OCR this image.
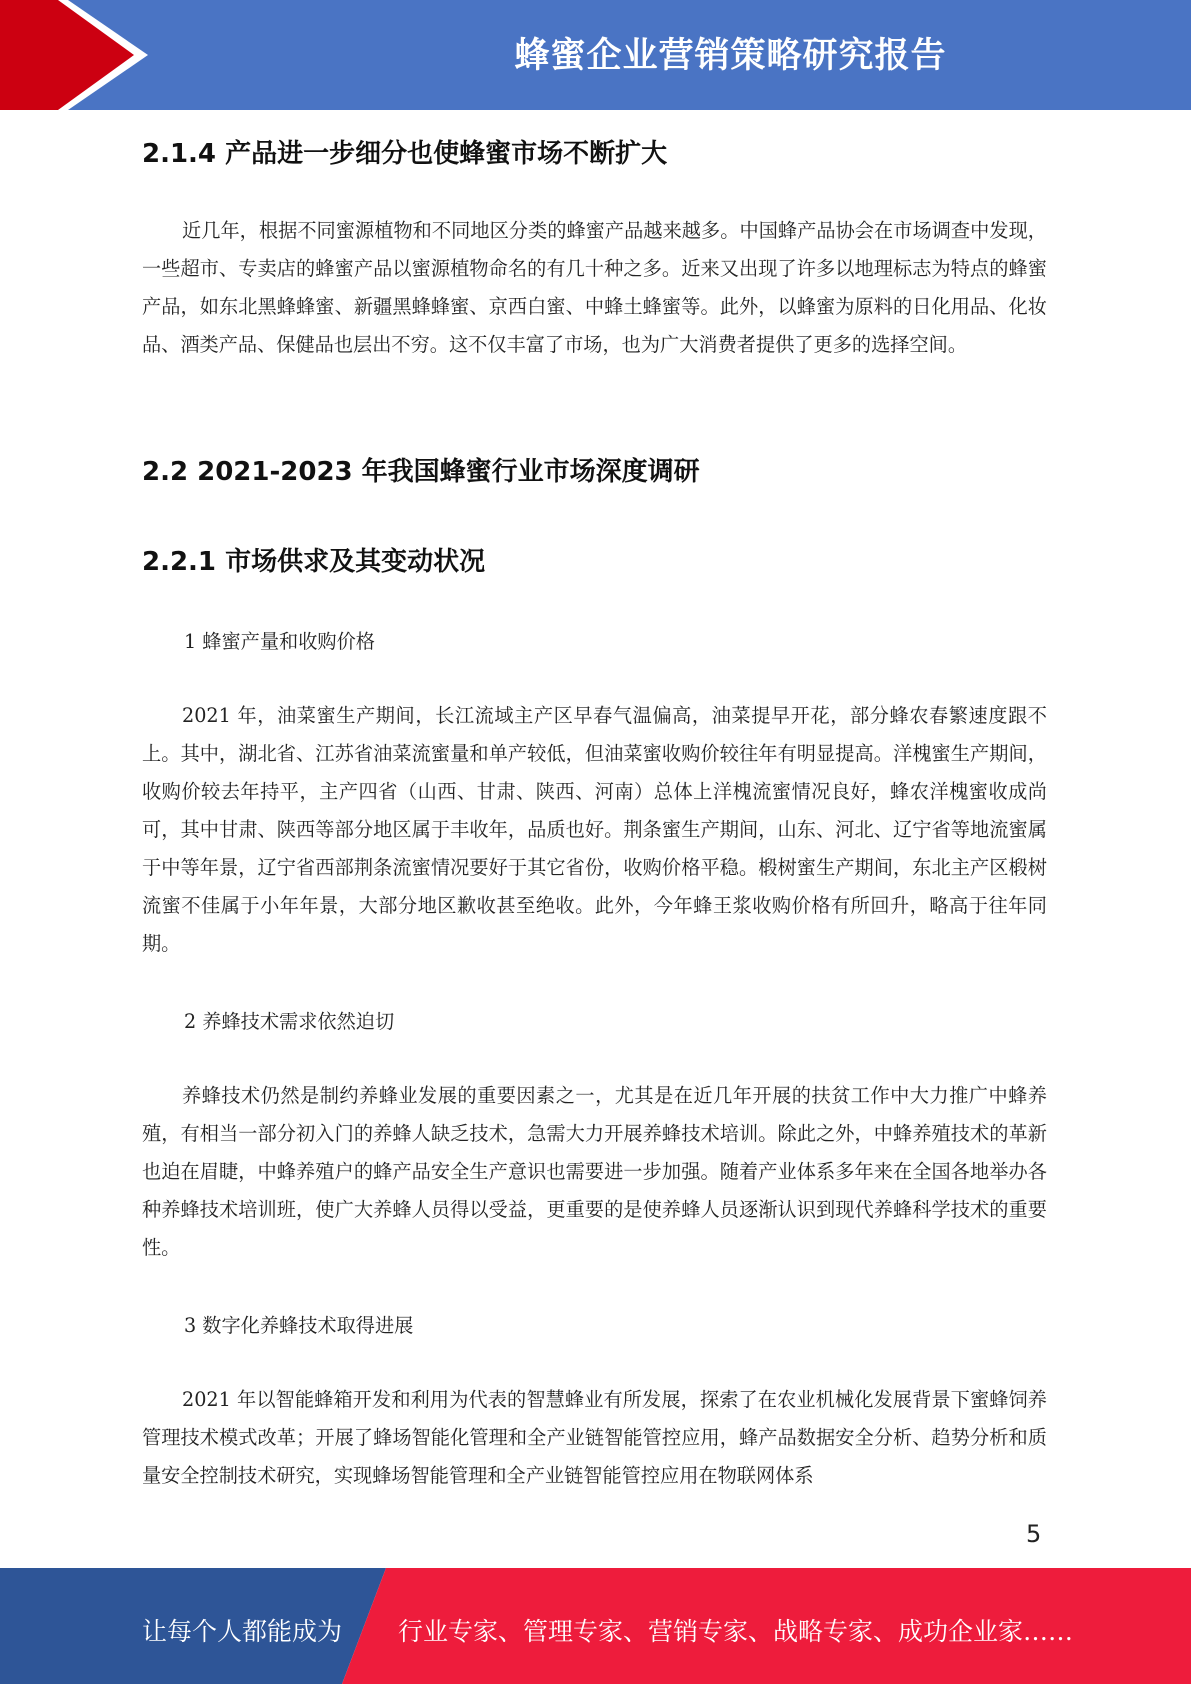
蜂蜜企业营销策略研究报告
2.1.4 产品进一步细分也使蜂蜜市场不断扩大

近几年，根据不同蜜源植物和不同地区分类的蜂蜜产品越来越多。中国蜂产品协会在市场调查中发现，一些超市、专卖店的蜂蜜产品以蜜源植物命名的有几十种之多。近来又出现了许多以地理标志为特点的蜂蜜产品，如东北黑蜂蜂蜜、新疆黑蜂蜂蜜、京西白蜜、中蜂土蜂蜜等。此外，以蜂蜜为原料的日化用品、化妆品、酒类产品、保健品也层出不穷。这不仅丰富了市场，也为广大消费者提供了更多的选择空间。

2.2 2021-2023 年我国蜂蜜行业市场深度调研
2.2.1 市场供求及其变动状况

1 蜂蜜产量和收购价格

2021 年，油菜蜜生产期间，长江流域主产区早春气温偏高，油菜提早开花，部分蜂农春繁速度跟不上。其中，湖北省、江苏省油菜流蜜量和单产较低，但油菜蜜收购价较往年有明显提高。洋槐蜜生产期间，收购价较去年持平，主产四省（山西、甘肃、陕西、河南）总体上洋槐流蜜情况良好，蜂农洋槐蜜收成尚可，其中甘肃、陕西等部分地区属于丰收年，品质也好。荆条蜜生产期间，山东、河北、辽宁省等地流蜜属于中等年景，辽宁省西部荆条流蜜情况要好于其它省份，收购价格平稳。椴树蜜生产期间，东北主产区椴树流蜜不佳属于小年年景，大部分地区歉收甚至绝收。此外，今年蜂王浆收购价格有所回升，略高于往年同期。

2 养蜂技术需求依然迫切

养蜂技术仍然是制约养蜂业发展的重要因素之一，尤其是在近几年开展的扶贫工作中大力推广中蜂养殖，有相当一部分初入门的养蜂人缺乏技术，急需大力开展养蜂技术培训。除此之外，中蜂养殖技术的革新也迫在眉睫，中蜂养殖户的蜂产品安全生产意识也需要进一步加强。随着产业体系多年来在全国各地举办各种养蜂技术培训班，使广大养蜂人员得以受益，更重要的是使养蜂人员逐渐认识到现代养蜂科学技术的重要性。

3 数字化养蜂技术取得进展

2021 年以智能蜂箱开发和利用为代表的智慧蜂业有所发展，探索了在农业机械化发展背景下蜜蜂饲养管理技术模式改革；开展了蜂场智能化管理和全产业链智能管控应用，蜂产品数据安全分析、趋势分析和质量安全控制技术研究，实现蜂场智能管理和全产业链智能管控应用在物联网体系

5
让每个人都能成为 行业专家、管理专家、营销专家、战略专家、成功企业家……
